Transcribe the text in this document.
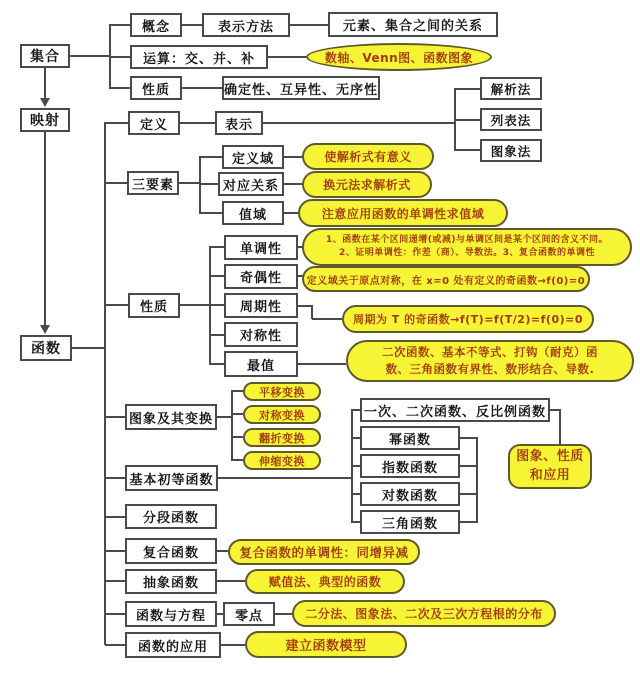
集合
映射
函数
概念	表示方法	元素、集合之间的关系
运算：交、并、补	数轴、Venn图、函数图象
性质	确定性、互异性、无序性
定义	表示
解析法
列表法
图象法
三要素
定义域	使解析式有意义
对应关系	换元法求解析式
值域	注意应用函数的单调性求值域
性质
单调性
1、函数在某个区间递增(或减)与单调区间是某个区间的含义不同。
2、证明单调性：作差（商）、导数法。3、复合函数的单调性
奇偶性	定义域关于原点对称，在 x=0 处有定义的奇函数→f(0)=0
周期性
周期为 T 的奇函数→f(T)=f(T/2)=f(0)=0
对称性
最值
二次函数、基本不等式、打钩（耐克）函
数、三角函数有界性、数形结合、导数.
图象及其变换
平移变换
对称变换
翻折变换
伸缩变换
基本初等函数
一次、二次函数、反比例函数
幂函数
指数函数
对数函数
三角函数
图象、性质
和应用
分段函数
复合函数	复合函数的单调性：同增异减
抽象函数	赋值法、典型的函数
函数与方程	零点	二分法、图象法、二次及三次方程根的分布
函数的应用	建立函数模型
